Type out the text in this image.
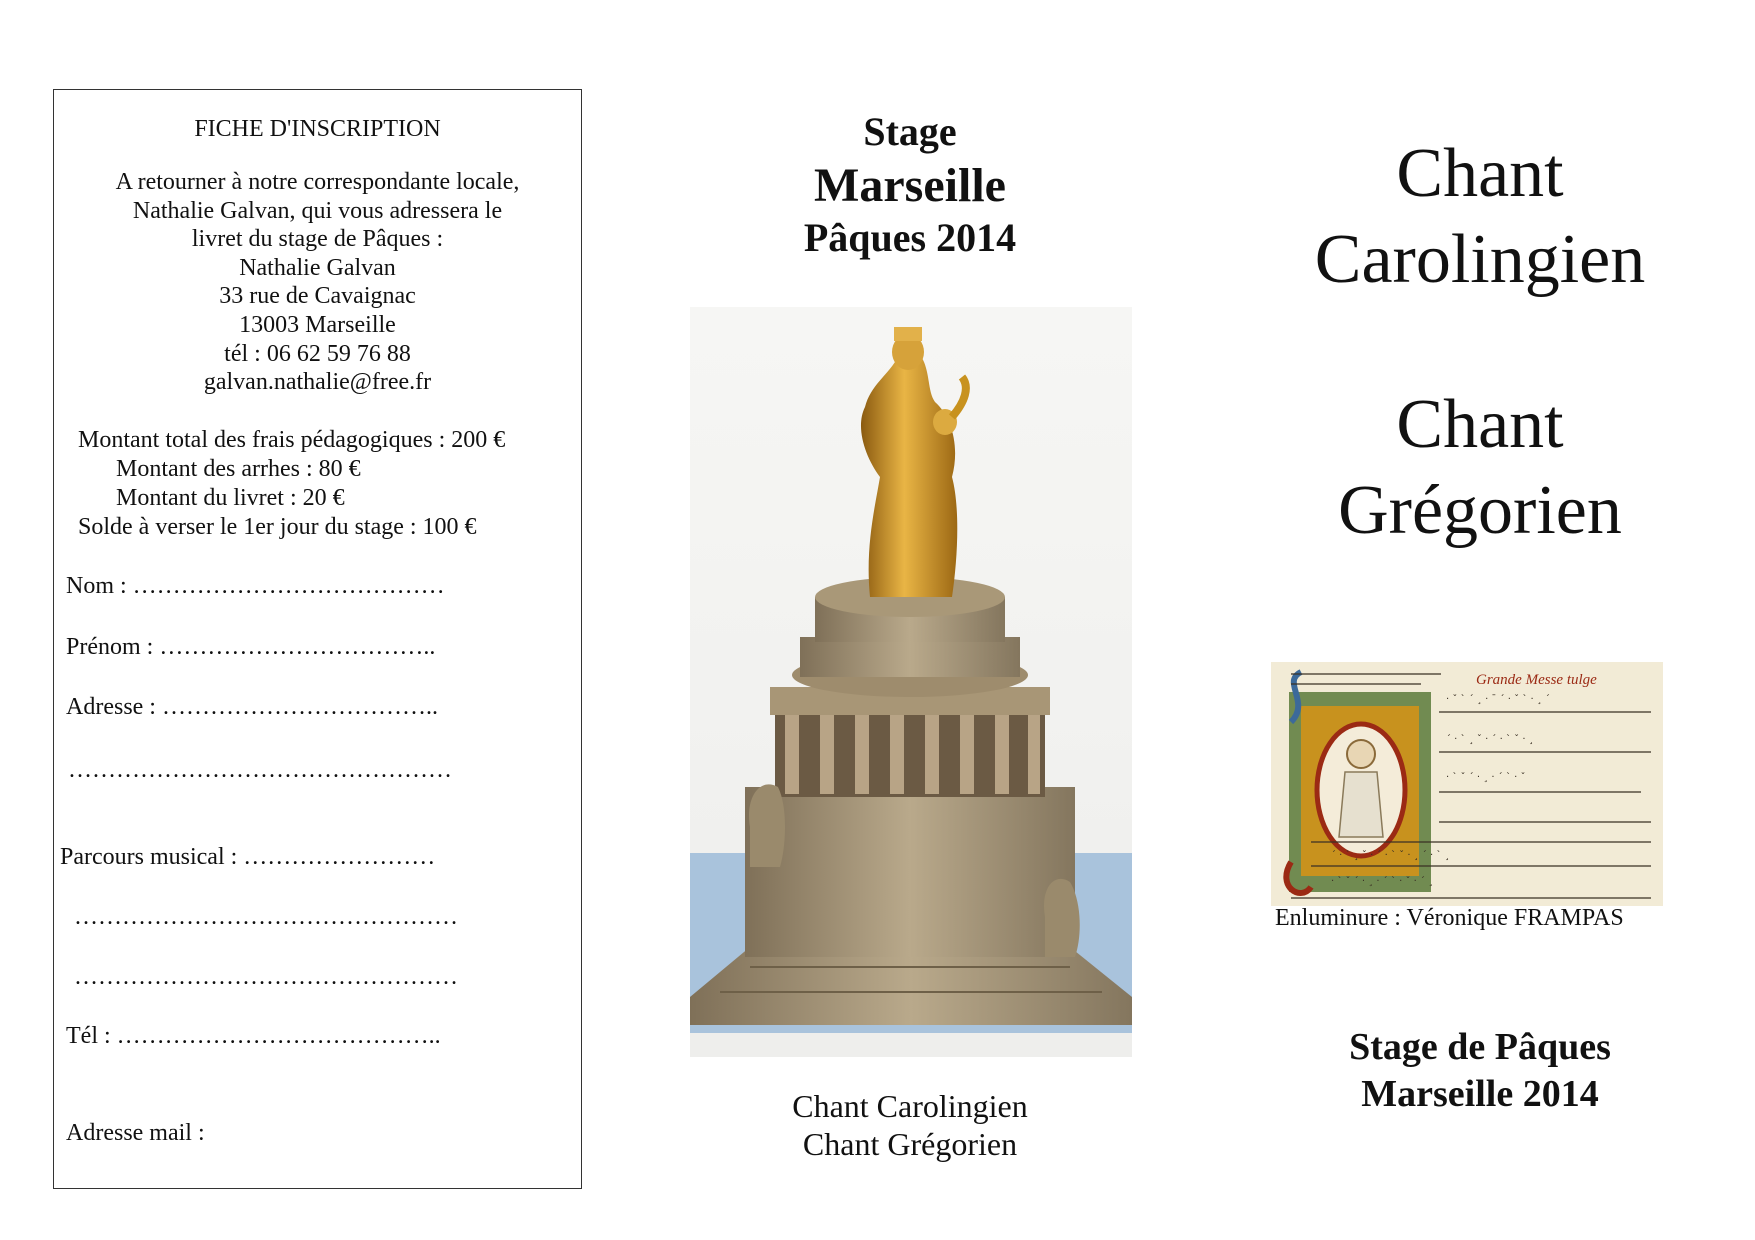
FICHE D'INSCRIPTION
A retourner à notre correspondante locale,
Nathalie Galvan, qui vous adressera le
livret du stage de Pâques :
Nathalie Galvan
33 rue de Cavaignac
13003 Marseille
tél : 06 62 59 76 88
galvan.nathalie@free.fr
Montant total des frais pédagogiques : 200 €
Montant des arrhes : 80 €
Montant du livret : 20 €
Solde à verser le 1er jour du stage : 100 €
Nom : …………………………………
Prénom : ……………………………..
Adresse : ……………………………..
…………………………………………
Parcours musical : ……………………
…………………………………………
…………………………………………
Tél : …………………………………..
Adresse mail :
Stage
Marseille
Pâques 2014
Chant Carolingien
Chant Grégorien
Chant
Carolingien
Chant
Grégorien
Grande Messe tulge
· ˇ ˋ ˊ ¸ · ˉ ˊ · ˇ ˋ · ¸ ˊ
ˊ · ˋ ¸ ˇ · ˊ · ˋ ˇ · ¸
· ˋ ˇ ˊ · ¸ · ˊ ˋ · ˇ
ˊ · ˋ ¸ ˇ · ˊ · ˋ ˇ · ¸ ˊ · ˋ ¸
· ˋ ˇ ˊ · ¸ · ˊ ˋ · ˇ · ˊ ¸
Enluminure : Véronique FRAMPAS
Stage de Pâques
Marseille 2014
